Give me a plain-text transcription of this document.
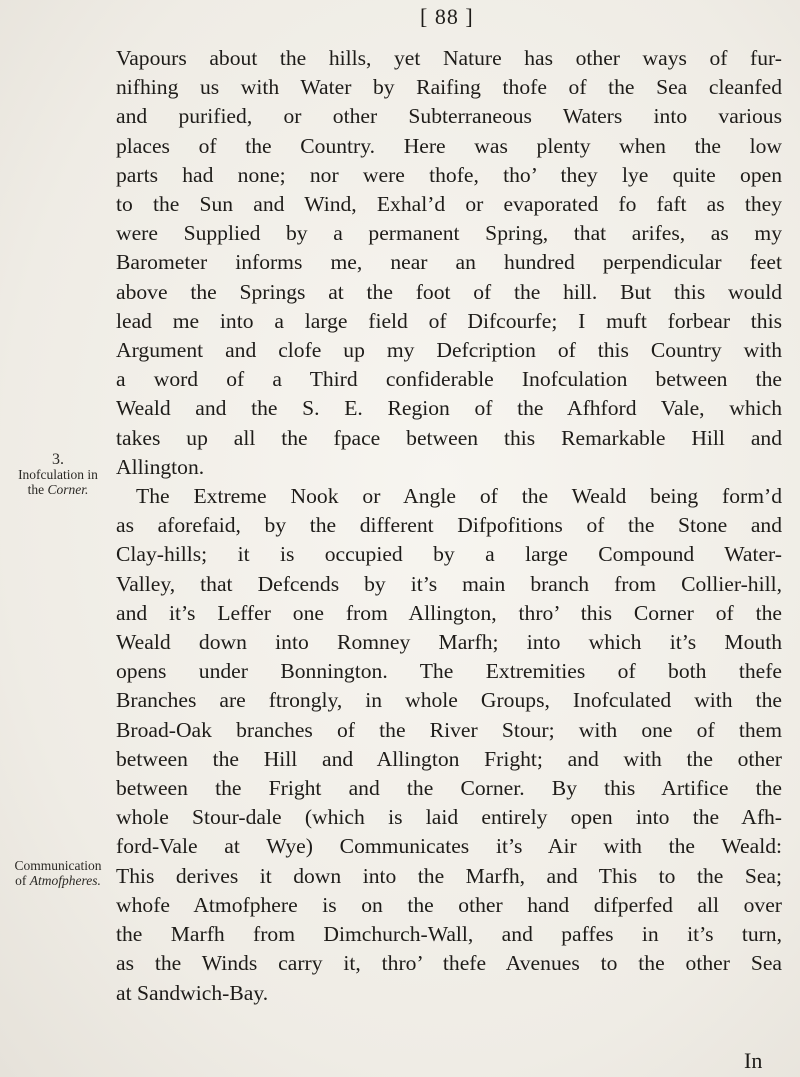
[ 88 ]
3.
Inofculation in
the Corner.
Communication
of Atmofpheres.
Vapours about the hills, yet Nature has other ways of fur-
nifhing us with Water by Raifing thofe of the Sea cleanfed
and purified, or other Subterraneous Waters into various
places of the Country. Here was plenty when the low
parts had none; nor were thofe, tho’ they lye quite open
to the Sun and Wind, Exhal’d or evaporated fo faft as they
were Supplied by a permanent Spring, that arifes, as my
Barometer informs me, near an hundred perpendicular feet
above the Springs at the foot of the hill. But this would
lead me into a large field of Difcourfe; I muft forbear this
Argument and clofe up my Defcription of this Country with
a word of a Third confiderable Inofculation between the
Weald and the S. E. Region of the Afhford Vale, which
takes up all the fpace between this Remarkable Hill and
Allington.
The Extreme Nook or Angle of the Weald being form’d
as aforefaid, by the different Difpofitions of the Stone and
Clay-hills; it is occupied by a large Compound Water-
Valley, that Defcends by it’s main branch from Collier-hill,
and it’s Leffer one from Allington, thro’ this Corner of the
Weald down into Romney Marfh; into which it’s Mouth
opens under Bonnington. The Extremities of both thefe
Branches are ftrongly, in whole Groups, Inofculated with the
Broad-Oak branches of the River Stour; with one of them
between the Hill and Allington Fright; and with the other
between the Fright and the Corner. By this Artifice the
whole Stour-dale (which is laid entirely open into the Afh-
ford-Vale at Wye) Communicates it’s Air with the Weald:
This derives it down into the Marfh, and This to the Sea;
whofe Atmofphere is on the other hand difperfed all over
the Marfh from Dimchurch-Wall, and paffes in it’s turn,
as the Winds carry it, thro’ thefe Avenues to the other Sea
at Sandwich-Bay.
In
